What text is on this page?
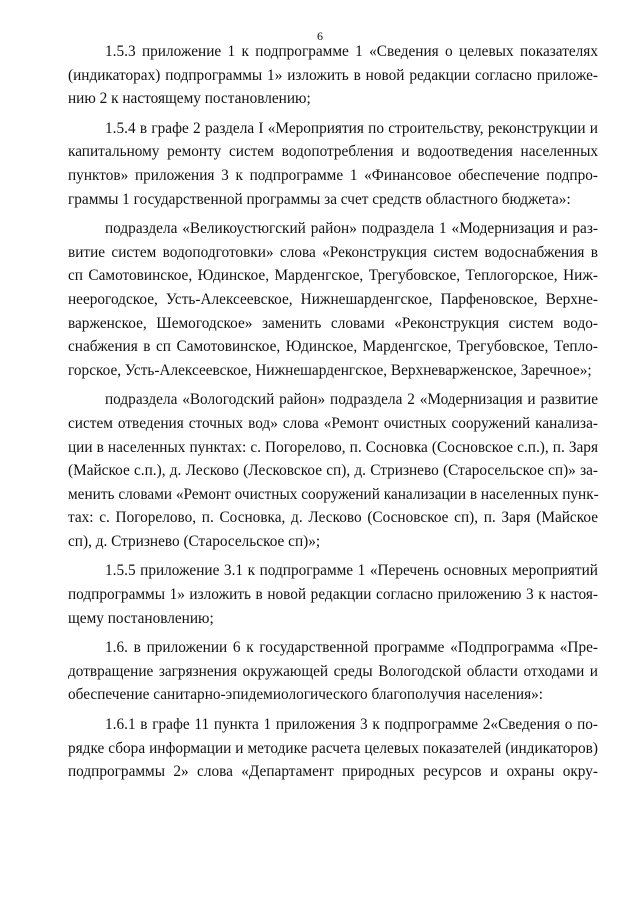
6
1.5.3 приложение 1 к подпрограмме 1 «Сведения о целевых показателях
(индикаторах) подпрограммы 1» изложить в новой редакции согласно приложе-
нию 2 к настоящему постановлению;
1.5.4 в графе 2 раздела I «Мероприятия по строительству, реконструкции и
капитальному ремонту систем водопотребления и водоотведения населенных
пунктов» приложения 3 к подпрограмме 1 «Финансовое обеспечение подпро-
граммы 1 государственной программы за счет средств областного бюджета»:
подраздела «Великоустюгский район» подраздела 1 «Модернизация и раз-
витие систем водоподготовки» слова «Реконструкция систем водоснабжения в
сп Самотовинское, Юдинское, Марденгское, Трегубовское, Теплогорское, Ниж-
неерогодское, Усть-Алексеевское, Нижнешарденгское, Парфеновское, Верхне-
варженское, Шемогодское» заменить словами «Реконструкция систем водо-
снабжения в сп Самотовинское, Юдинское, Марденгское, Трегубовское, Тепло-
горское, Усть-Алексеевское, Нижнешарденгское, Верхневарженское, Заречное»;
подраздела «Вологодский район» подраздела 2 «Модернизация и развитие
систем отведения сточных вод» слова «Ремонт очистных сооружений канализа-
ции в населенных пунктах: с. Погорелово, п. Сосновка (Сосновское с.п.), п. Заря
(Майское с.п.), д. Лесково (Лесковское сп), д. Стризнево (Старосельское сп)» за-
менить словами «Ремонт очистных сооружений канализации в населенных пунк-
тах: с. Погорелово, п. Сосновка, д. Лесково (Сосновское сп), п. Заря (Майское
сп), д. Стризнево (Старосельское сп)»;
1.5.5 приложение 3.1 к подпрограмме 1 «Перечень основных мероприятий
подпрограммы 1» изложить в новой редакции согласно приложению 3 к настоя-
щему постановлению;
1.6. в приложении 6 к государственной программе «Подпрограмма «Пре-
дотвращение загрязнения окружающей среды Вологодской области отходами и
обеспечение санитарно-эпидемиологического благополучия населения»:
1.6.1 в графе 11 пункта 1 приложения 3 к подпрограмме 2«Сведения о по-
рядке сбора информации и методике расчета целевых показателей (индикаторов)
подпрограммы 2» слова «Департамент природных ресурсов и охраны окру-
